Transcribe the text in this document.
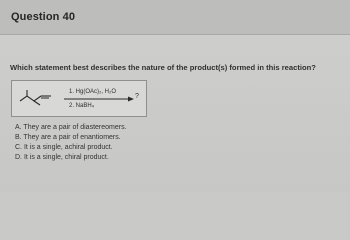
Question 40
Which statement best describes the nature of the product(s) formed in this reaction?
1. Hg(OAc)₂, H₂O
2. NaBH₄
?
A. They are a pair of diastereomers.
B. They are a pair of enantiomers.
C. It is a single, achiral product.
D. It is a single, chiral product.
